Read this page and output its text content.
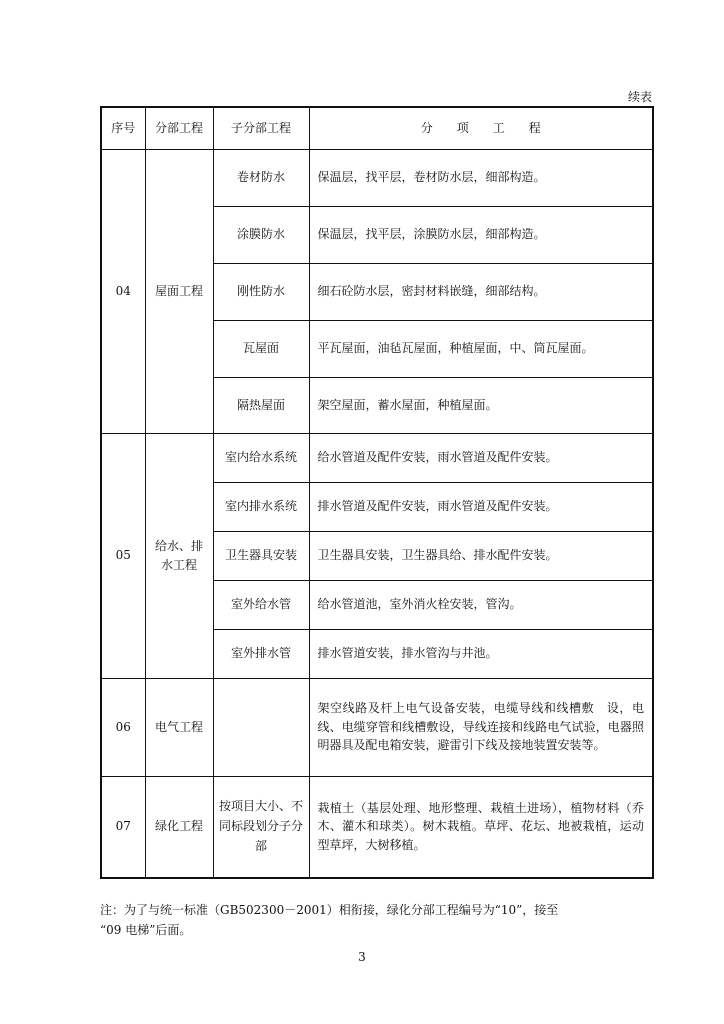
续表
序号	分部工程	子分部工程	分　　项　　工　　程
04	屋面工程	卷材防水	保温层，找平层，卷材防水层，细部构造。
		涂膜防水	保温层，找平层，涂膜防水层，细部构造。
		刚性防水	细石砼防水层，密封材料嵌缝，细部结构。
		瓦屋面	平瓦屋面，油毡瓦屋面，种植屋面，中、筒瓦屋面。
		隔热屋面	架空屋面，蓄水屋面，种植屋面。
05	给水、排水工程	室内给水系统	给水管道及配件安装，雨水管道及配件安装。
		室内排水系统	排水管道及配件安装，雨水管道及配件安装。
		卫生器具安装	卫生器具安装，卫生器具给、排水配件安装。
		室外给水管	给水管道池，室外消火栓安装，管沟。
		室外排水管	排水管道安装，排水管沟与井池。
06	电气工程		架空线路及杆上电气设备安装，电缆导线和线槽敷　设，电线、电缆穿管和线槽敷设，导线连接和线路电气试验，电器照明器具及配电箱安装，避雷引下线及接地装置安装等。
07	绿化工程	按项目大小、不同标段划分子分部	栽植土（基层处理、地形整理、栽植土进场），植物材料（乔木、灌木和球类）。树木栽植。草坪、花坛、地被栽植，运动型草坪，大树移植。
注：为了与统一标准（GB502300－2001）相衔接，绿化分部工程编号为“10”，接至
“09 电梯”后面。
3
